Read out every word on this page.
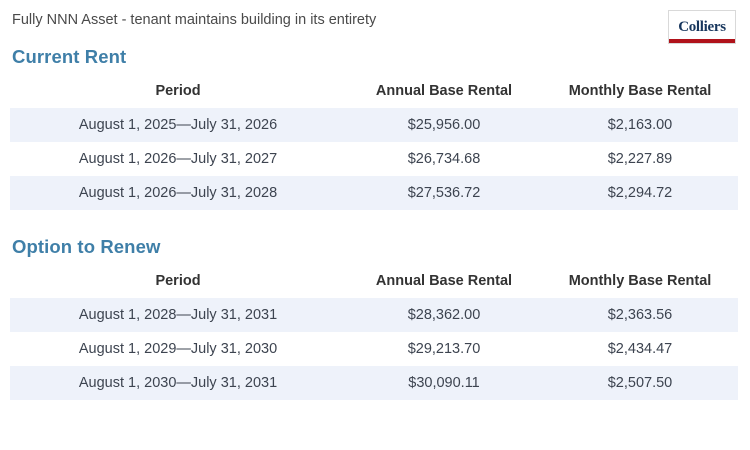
Fully NNN Asset - tenant maintains building in its entirety	Colliers
Current Rent
Period	Annual Base Rental	Monthly Base Rental
August 1, 2025—July 31, 2026	$25,956.00	$2,163.00
August 1, 2026—July 31, 2027	$26,734.68	$2,227.89
August 1, 2026—July 31, 2028	$27,536.72	$2,294.72
Option to Renew
Period	Annual Base Rental	Monthly Base Rental
August 1, 2028—July 31, 2031	$28,362.00	$2,363.56
August 1, 2029—July 31, 2030	$29,213.70	$2,434.47
August 1, 2030—July 31, 2031	$30,090.11	$2,507.50
